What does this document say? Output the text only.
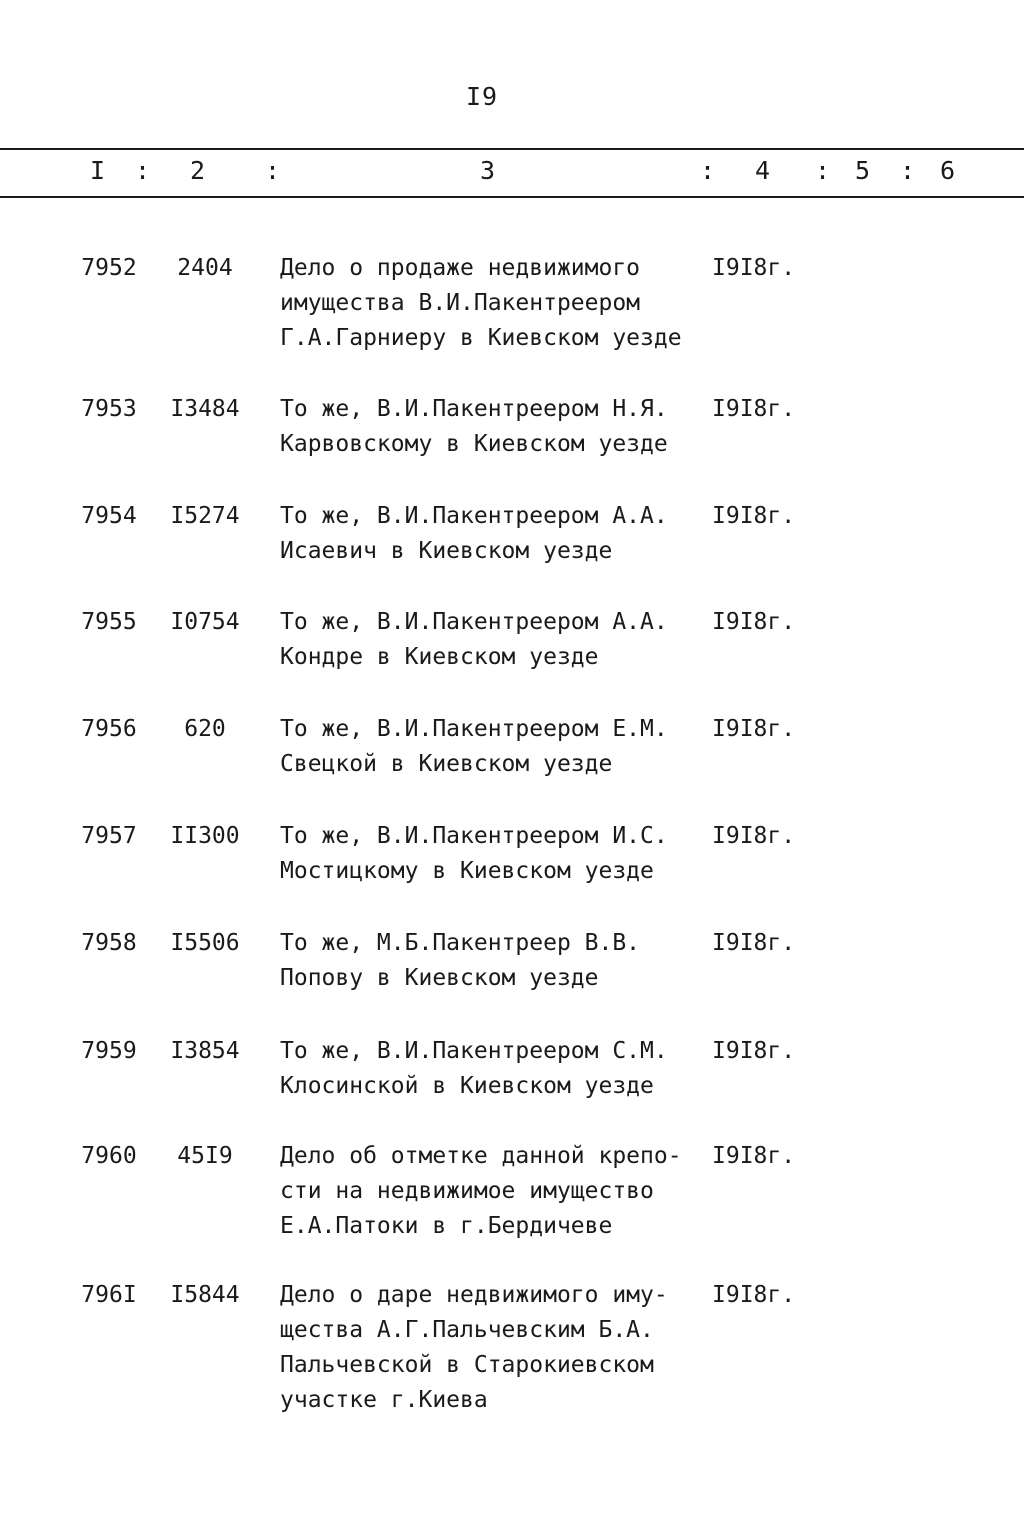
I9
I : 2 :	3	: 4 : 5 : 6
7952	2404	Дело о продаже недвижимого
имущества В.И.Пакентреером
Г.А.Гарниеру в Киевском уезде
I9I8г.
7953	I3484	То же, В.И.Пакентреером Н.Я.
Карвовскому в Киевском уезде
I9I8г.
7954	I5274	То же, В.И.Пакентреером А.А.
Исаевич в Киевском уезде
I9I8г.
7955	I0754	То же, В.И.Пакентреером А.А.
Кондре в Киевском уезде
I9I8г.
7956	620	То же, В.И.Пакентреером Е.М.
Свецкой в Киевском уезде
I9I8г.
7957	II300	То же, В.И.Пакентреером И.С.
Мостицкому в Киевском уезде
I9I8г.
7958	I5506	То же, М.Б.Пакентреер В.В.
Попову в Киевском уезде
I9I8г.
7959	I3854	То же, В.И.Пакентреером С.М.
Клосинской в Киевском уезде
I9I8г.
7960	45I9	Дело об отметке данной крепо-
сти на недвижимое имущество
Е.А.Патоки в г.Бердичеве
I9I8г.
796I	I5844	Дело о даре недвижимого иму-
щества А.Г.Пальчевским Б.А.
Пальчевской в Старокиевском
участке г.Киева
I9I8г.
